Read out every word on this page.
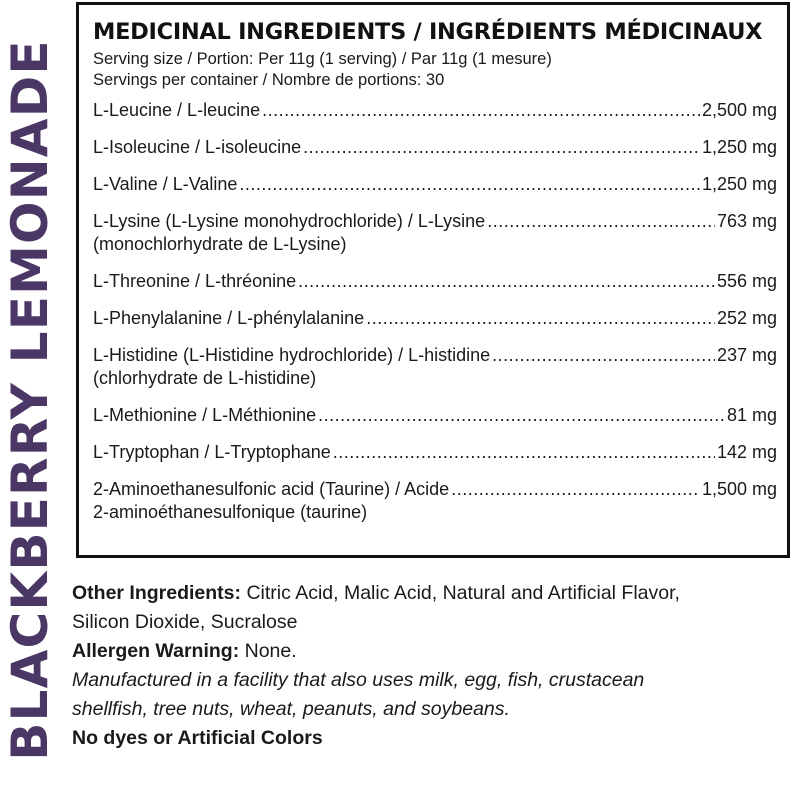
BLACKBERRY LEMONADE
MEDICINAL INGREDIENTS / INGRÉDIENTS MÉDICINAUX
Serving size / Portion: Per 11g (1 serving) / Par 11g (1 mesure)
Servings per container / Nombre de portions: 30
L-Leucine / L-leucine .....	2,500 mg
L-Isoleucine / L-isoleucine .....	1,250 mg
L-Valine / L-Valine .....	1,250 mg
L-Lysine (L-Lysine monohydrochloride) / L-Lysine .....	763 mg
(monochlorhydrate de L-Lysine)
L-Threonine / L-thréonine .....	556 mg
L-Phenylalanine / L-phénylalanine .....	252 mg
L-Histidine (L-Histidine hydrochloride) / L-histidine .....	237 mg
(chlorhydrate de L-histidine)
L-Methionine / L-Méthionine .....	81 mg
L-Tryptophan / L-Tryptophane .....	142 mg
2-Aminoethanesulfonic acid (Taurine) / Acide .....	1,500 mg
2-aminoéthanesulfonique (taurine)
Other Ingredients: Citric Acid, Malic Acid, Natural and Artificial Flavor,
Silicon Dioxide, Sucralose
Allergen Warning: None.
Manufactured in a facility that also uses milk, egg, fish, crustacean
shellfish, tree nuts, wheat, peanuts, and soybeans.
No dyes or Artificial Colors
